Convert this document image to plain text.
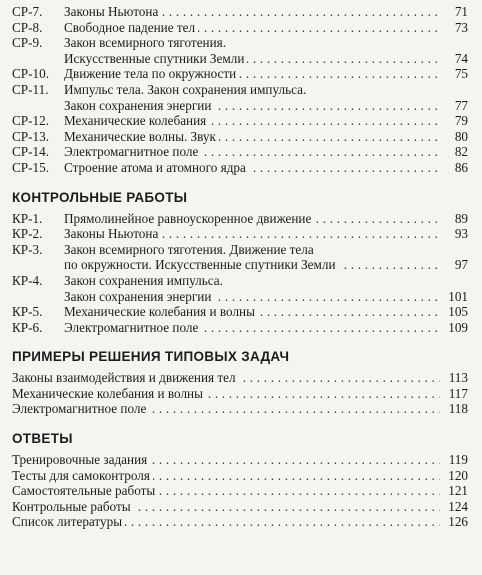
СР-7.	Законы Ньютона . . .	71
СР-8.	Свободное падение тел . . .	73
СР-9.	Закон всемирного тяготения.
Искусственные спутники Земли . . .	74
СР-10.	Движение тела по окружности . . .	75
СР-11.	Импульс тела. Закон сохранения импульса.
Закон сохранения энергии . . .	77
СР-12.	Механические колебания . . .	79
СР-13.	Механические волны. Звук . . .	80
СР-14.	Электромагнитное поле . . .	82
СР-15.	Строение атома и атомного ядра . . .	86
КОНТРОЛЬНЫЕ РАБОТЫ
КР-1.	Прямолинейное равноускоренное движение . . .	89
КР-2.	Законы Ньютона . . .	93
КР-3.	Закон всемирного тяготения. Движение тела
по окружности. Искусственные спутники Земли . . .	97
КР-4.	Закон сохранения импульса.
Закон сохранения энергии . . .	101
КР-5.	Механические колебания и волны . . .	105
КР-6.	Электромагнитное поле . . .	109
ПРИМЕРЫ РЕШЕНИЯ ТИПОВЫХ ЗАДАЧ
Законы взаимодействия и движения тел . . .	113
Механические колебания и волны . . .	117
Электромагнитное поле . . .	118
ОТВЕТЫ
Тренировочные задания . . .	119
Тесты для самоконтроля . . .	120
Самостоятельные работы . . .	121
Контрольные работы . . .	124
Список литературы . . .	126
